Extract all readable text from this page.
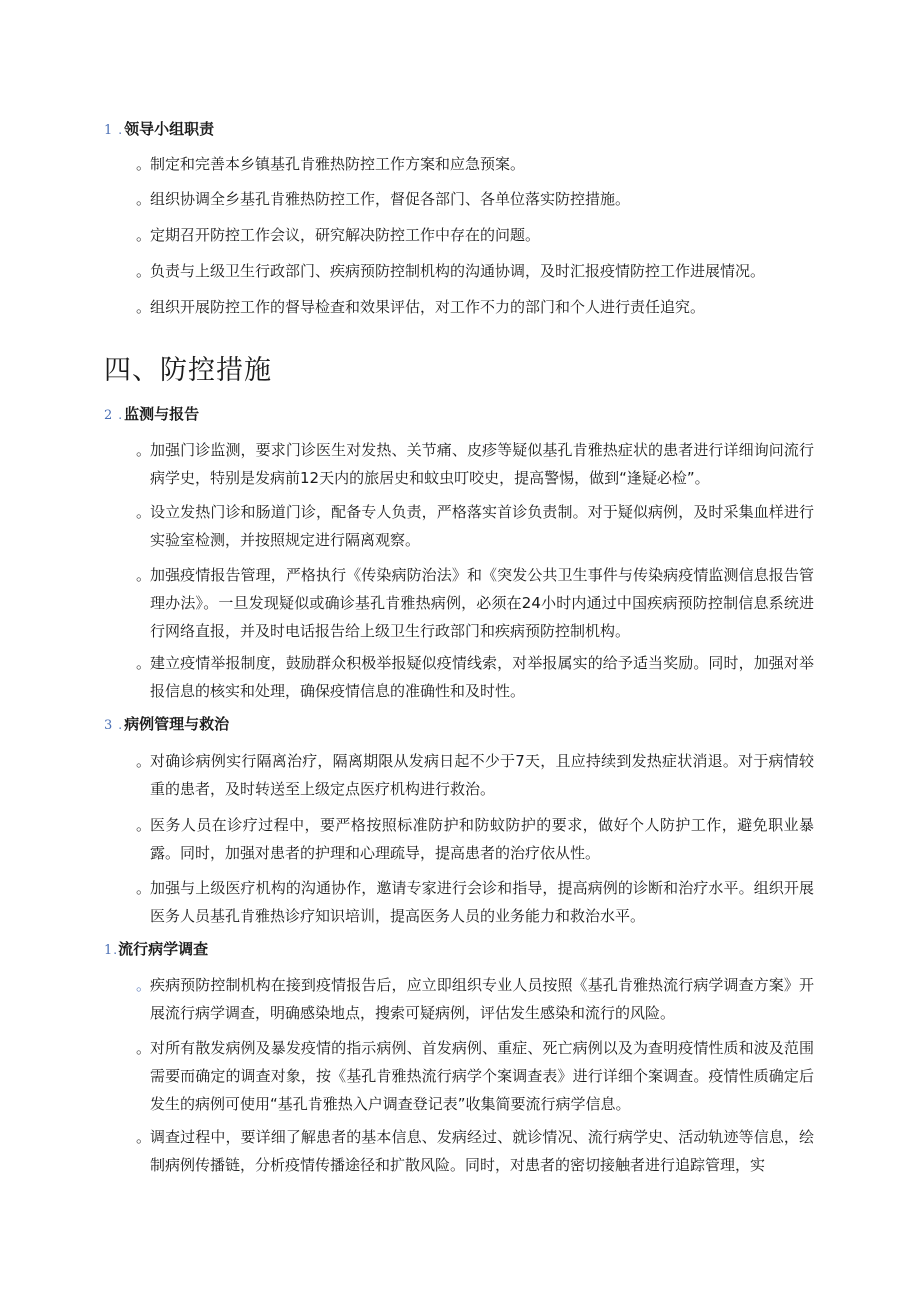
1 . 领导小组职责
。
制定和完善本乡镇基孔肯雅热防控工作方案和应急预案。
。
组织协调全乡基孔肯雅热防控工作，督促各部门、各单位落实防控措施。
。
定期召开防控工作会议，研究解决防控工作中存在的问题。
。
负责与上级卫生行政部门、疾病预防控制机构的沟通协调，及时汇报疫情防控工作进展情况。
。
组织开展防控工作的督导检查和效果评估，对工作不力的部门和个人进行责任追究。
四、防控措施
2 . 监测与报告
。
加强门诊监测，要求门诊医生对发热、关节痛、皮疹等疑似基孔肯雅热症状的患者进行详细询问流行病学史，特别是发病前12天内的旅居史和蚊虫叮咬史，提高警惕，做到“逢疑必检”。
。
设立发热门诊和肠道门诊，配备专人负责，严格落实首诊负责制。对于疑似病例，及时采集血样进行实验室检测，并按照规定进行隔离观察。
。
加强疫情报告管理，严格执行《传染病防治法》和《突发公共卫生事件与传染病疫情监测信息报告管理办法》。一旦发现疑似或确诊基孔肯雅热病例，必须在24小时内通过中国疾病预防控制信息系统进行网络直报，并及时电话报告给上级卫生行政部门和疾病预防控制机构。
。
建立疫情举报制度，鼓励群众积极举报疑似疫情线索，对举报属实的给予适当奖励。同时，加强对举报信息的核实和处理，确保疫情信息的准确性和及时性。
3 . 病例管理与救治
。
对确诊病例实行隔离治疗，隔离期限从发病日起不少于7天，且应持续到发热症状消退。对于病情较重的患者，及时转送至上级定点医疗机构进行救治。
。
医务人员在诊疗过程中，要严格按照标准防护和防蚊防护的要求，做好个人防护工作，避免职业暴露。同时，加强对患者的护理和心理疏导，提高患者的治疗依从性。
。
加强与上级医疗机构的沟通协作，邀请专家进行会诊和指导，提高病例的诊断和治疗水平。组织开展医务人员基孔肯雅热诊疗知识培训，提高医务人员的业务能力和救治水平。
1.流行病学调查
。
疾病预防控制机构在接到疫情报告后，应立即组织专业人员按照《基孔肯雅热流行病学调查方案》开展流行病学调查，明确感染地点，搜索可疑病例，评估发生感染和流行的风险。
。
对所有散发病例及暴发疫情的指示病例、首发病例、重症、死亡病例以及为查明疫情性质和波及范围需要而确定的调查对象，按《基孔肯雅热流行病学个案调查表》进行详细个案调查。疫情性质确定后发生的病例可使用“基孔肯雅热入户调查登记表”收集简要流行病学信息。
。
调查过程中，要详细了解患者的基本信息、发病经过、就诊情况、流行病学史、活动轨迹等信息，绘制病例传播链，分析疫情传播途径和扩散风险。同时，对患者的密切接触者进行追踪管理，实
